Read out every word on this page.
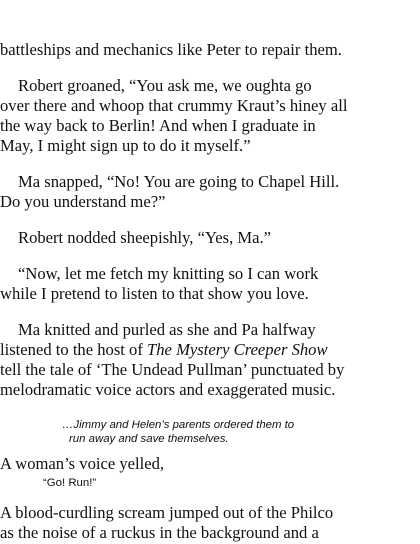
battleships and mechanics like Peter to repair them.
Robert groaned, “You ask me, we oughta go
over there and whoop that crummy Kraut’s hiney all
the way back to Berlin! And when I graduate in
May, I might sign up to do it myself.”
Ma snapped, “No! You are going to Chapel Hill.
Do you understand me?”
Robert nodded sheepishly, “Yes, Ma.”
“Now, let me fetch my knitting so I can work
while I pretend to listen to that show you love.
Ma knitted and purled as she and Pa halfway
listened to the host of The Mystery Creeper Show
tell the tale of ‘The Undead Pullman’ punctuated by
melodramatic voice actors and exaggerated music.
…Jimmy and Helen’s parents ordered them to
run away and save themselves.
A woman’s voice yelled,
“Go! Run!”
A blood-curdling scream jumped out of the Philco
as the noise of a ruckus in the background and a
